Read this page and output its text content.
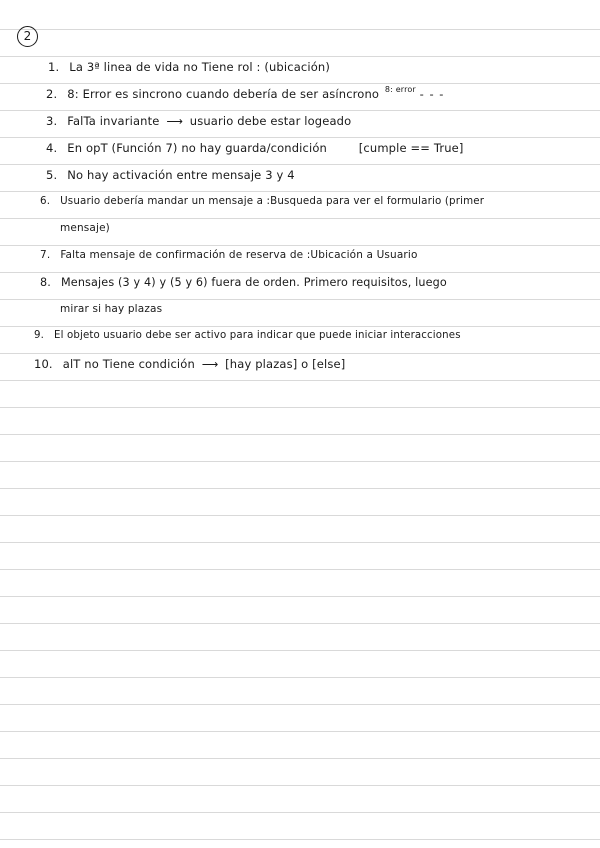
2
1. La 3ª linea de vida no Tiene rol : (ubicación)
2. 8: Error es sincrono cuando debería de ser asíncrono $^{8: error}$ - - -
3. FalTa invariante ⟶ usuario debe estar logeado
4. En opT (Función 7) no hay guarda/condición	[cumple == True]
5. No hay activación entre mensaje 3 y 4
6. Usuario debería mandar un mensaje a :Busqueda para ver el formulario (primer
mensaje)
7. Falta mensaje de confirmación de reserva de :Ubicación a Usuario
8. Mensajes (3 y 4) y (5 y 6) fuera de orden. Primero requisitos, luego
mirar si hay plazas
9. El objeto usuario debe ser activo para indicar que puede iniciar interacciones
10. alT no Tiene condición ⟶ [hay plazas] o [else]
